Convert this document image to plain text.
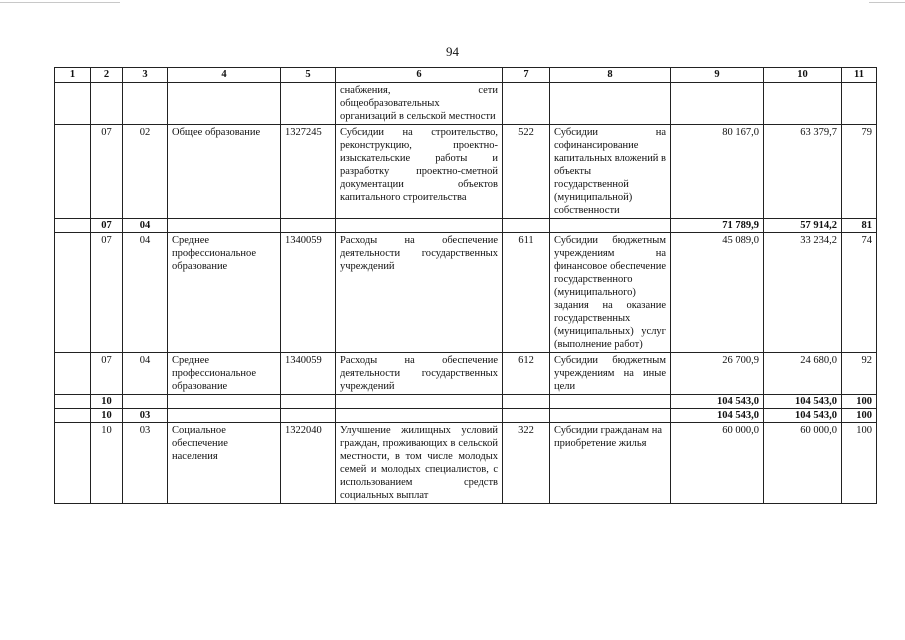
94
1	2	3	4	5	6	7	8	9	10	11
					снабжения, сети общеобразовательных организаций в сельской местности					
	07	02	Общее образование	1327245	Субсидии на строительство, реконструкцию, проектно-изыскательские работы и разработку проектно-сметной документации объектов капитального строительства	522	Субсидии на софинансирование капитальных вложений в объекты государственной (муниципальной) собственности	80 167,0	63 379,7	79
	07	04						71 789,9	57 914,2	81
	07	04	Среднее профессиональное образование	1340059	Расходы на обеспечение деятельности государственных учреждений	611	Субсидии бюджетным учреждениям на финансовое обеспечение государственного (муниципального) задания на оказание государственных (муниципальных) услуг (выполнение работ)	45 089,0	33 234,2	74
	07	04	Среднее профессиональное образование	1340059	Расходы на обеспечение деятельности государственных учреждений	612	Субсидии бюджетным учреждениям на иные цели	26 700,9	24 680,0	92
	10							104 543,0	104 543,0	100
	10	03						104 543,0	104 543,0	100
	10	03	Социальное обеспечение населения	1322040	Улучшение жилищных условий граждан, проживающих в сельской местности, в том числе молодых семей и молодых специалистов, с использованием средств социальных выплат	322	Субсидии гражданам на приобретение жилья	60 000,0	60 000,0	100
